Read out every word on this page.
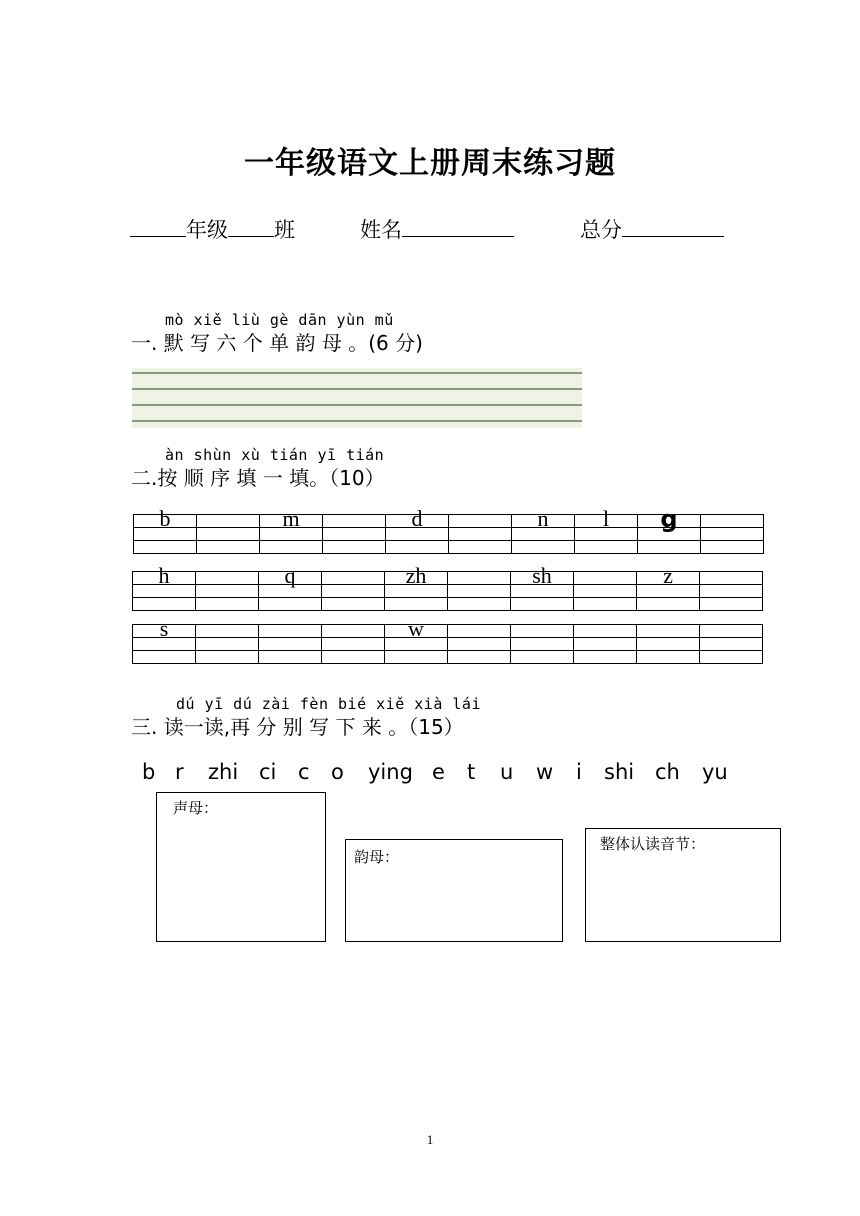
一年级语文上册周末练习题
年级 班	姓名	总分
mò xiě liù gè dān yùn mǔ
一. 默 写 六 个 单 韵 母 。(6 分)
àn shùn xù tián yī tián
二.按 顺 序 填 一 填。（10）
b		m		d		n	l	g	

h		q		zh		sh		z	

s				w					

dú yī dú zài fèn bié xiě xià lái
三. 读一读,再 分 别 写 下 来 。（15）
b r zhi ci c o ying e t u w i shi ch yu
声母：
韵母：
整体认读音节：
1
